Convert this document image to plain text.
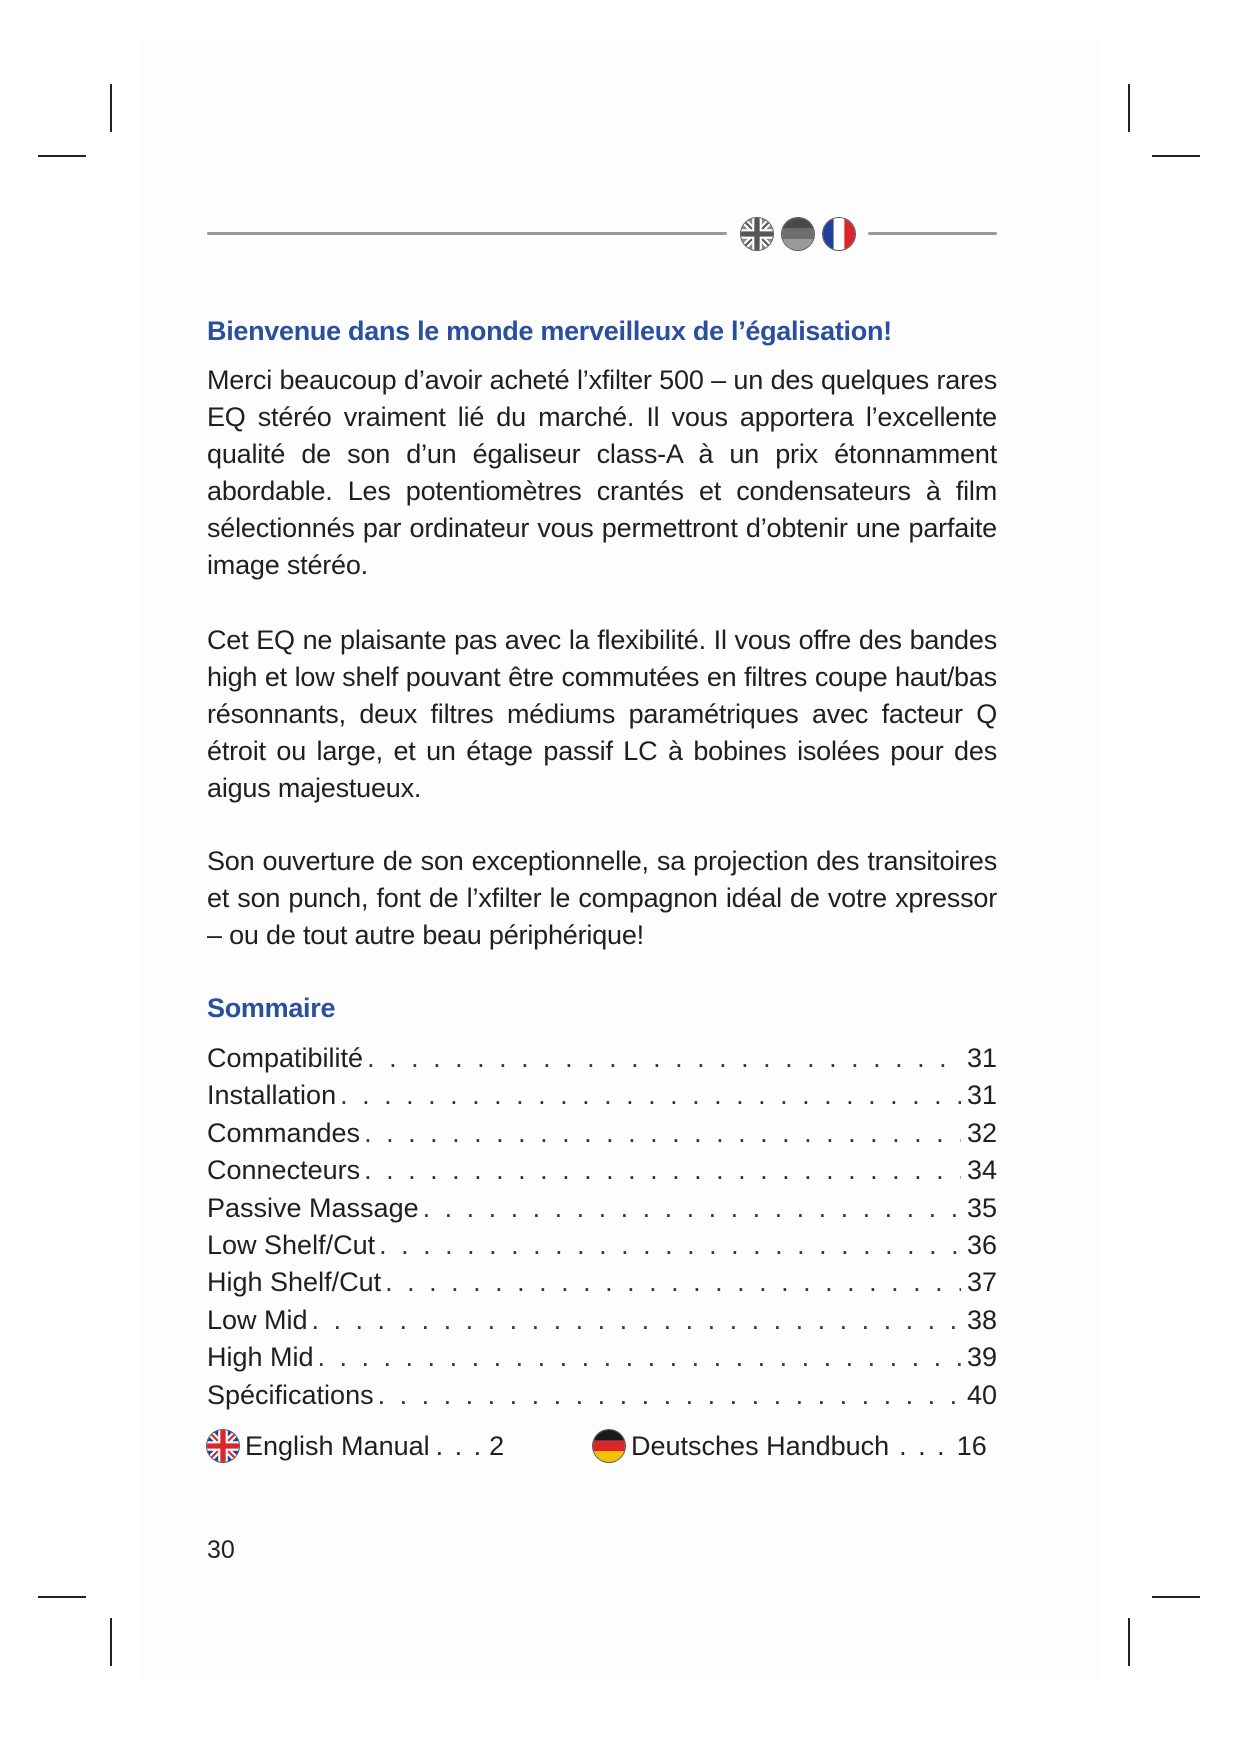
Bienvenue dans le monde merveilleux de l’égalisation!

Merci beaucoup d’avoir acheté l’xfilter 500 – un des quelques rares EQ stéréo vraiment lié du marché. Il vous apportera l’excellente qualité de son d’un égaliseur class-A à un prix étonnamment abordable. Les potentiomètres crantés et condensateurs à film sélectionnés par ordinateur vous permettront d’obtenir une parfaite image stéréo.

Cet EQ ne plaisante pas avec la flexibilité. Il vous offre des bandes high et low shelf pouvant être commutées en filtres coupe haut/bas résonnants, deux filtres médiums paramétriques avec facteur Q étroit ou large, et un étage passif LC à bobines isolées pour des aigus majestueux.

Son ouverture de son exceptionnelle, sa projection des transitoires et son punch, font de l’xfilter le compagnon idéal de votre xpressor – ou de tout autre beau périphérique!

Sommaire
Compatibilité . . .	31
Installation . . .	31
Commandes . . .	32
Connecteurs . . .	34
Passive Massage . . .	35
Low Shelf/Cut . . .	36
High Shelf/Cut . . .	37
Low Mid . . .	38
High Mid . . .	39
Spécifications . . .	40
English Manual . . . 2	Deutsches Handbuch . . . 16
30
